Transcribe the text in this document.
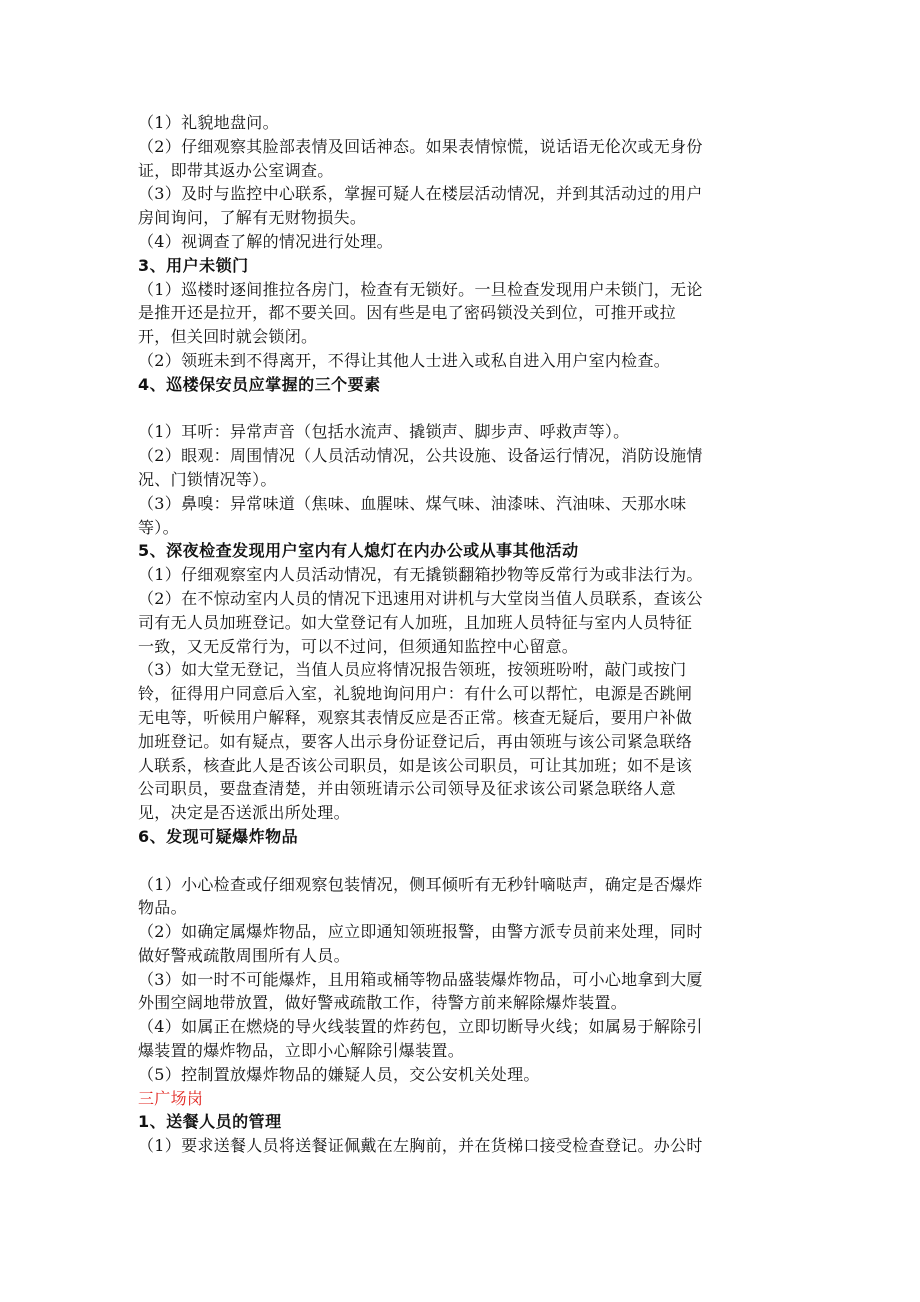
（1）礼貌地盘问。
（2）仔细观察其脸部表情及回话神态。如果表情惊慌，说话语无伦次或无身份
证，即带其返办公室调查。
（3）及时与监控中心联系，掌握可疑人在楼层活动情况，并到其活动过的用户
房间询问，了解有无财物损失。
（4）视调查了解的情况进行处理。
3、用户未锁门
（1）巡楼时逐间推拉各房门，检查有无锁好。一旦检查发现用户未锁门，无论
是推开还是拉开，都不要关回。因有些是电了密码锁没关到位，可推开或拉
开，但关回时就会锁闭。
（2）领班未到不得离开，不得让其他人士进入或私自进入用户室内检查。
4、巡楼保安员应掌握的三个要素
（1）耳听：异常声音（包括水流声、撬锁声、脚步声、呼救声等）。
（2）眼观：周围情况（人员活动情况，公共设施、设备运行情况，消防设施情
况、门锁情况等）。
（3）鼻嗅：异常味道（焦味、血腥味、煤气味、油漆味、汽油味、天那水味
等）。
5、深夜检查发现用户室内有人熄灯在内办公或从事其他活动
（1）仔细观察室内人员活动情况，有无撬锁翻箱抄物等反常行为或非法行为。
（2）在不惊动室内人员的情况下迅速用对讲机与大堂岗当值人员联系，查该公
司有无人员加班登记。如大堂登记有人加班，且加班人员特征与室内人员特征
一致，又无反常行为，可以不过问，但须通知监控中心留意。
（3）如大堂无登记，当值人员应将情况报告领班，按领班吩咐，敲门或按门
铃，征得用户同意后入室，礼貌地询问用户：有什么可以帮忙，电源是否跳闸
无电等，听候用户解释，观察其表情反应是否正常。核查无疑后，要用户补做
加班登记。如有疑点，要客人出示身份证登记后，再由领班与该公司紧急联络
人联系，核查此人是否该公司职员，如是该公司职员，可让其加班；如不是该
公司职员，要盘查清楚，并由领班请示公司领导及征求该公司紧急联络人意
见，决定是否送派出所处理。
6、发现可疑爆炸物品
（1）小心检查或仔细观察包装情况，侧耳倾听有无秒针嘀哒声，确定是否爆炸
物品。
（2）如确定属爆炸物品，应立即通知领班报警，由警方派专员前来处理，同时
做好警戒疏散周围所有人员。
（3）如一时不可能爆炸，且用箱或桶等物品盛装爆炸物品，可小心地拿到大厦
外围空阔地带放置，做好警戒疏散工作，待警方前来解除爆炸装置。
（4）如属正在燃烧的导火线装置的炸药包，立即切断导火线；如属易于解除引
爆装置的爆炸物品，立即小心解除引爆装置。
（5）控制置放爆炸物品的嫌疑人员，交公安机关处理。
三广场岗
1、送餐人员的管理
（1）要求送餐人员将送餐证佩戴在左胸前，并在货梯口接受检查登记。办公时
